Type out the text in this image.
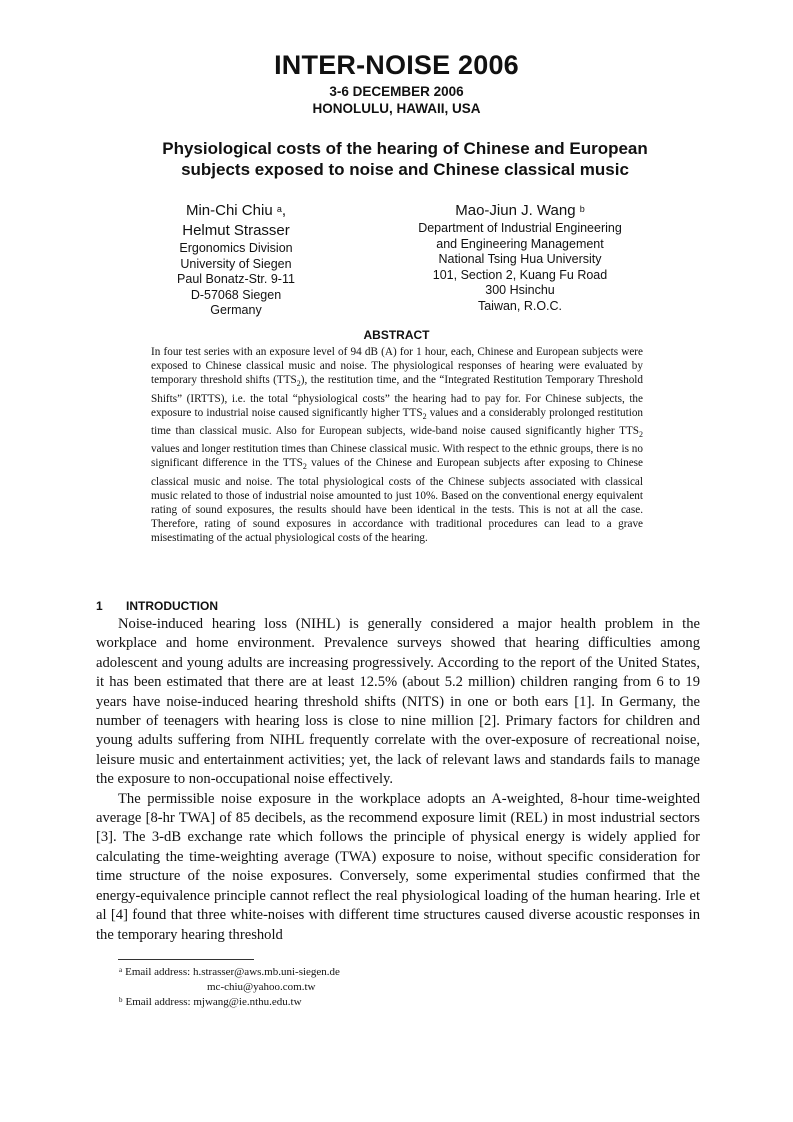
INTER-NOISE 2006
3-6 DECEMBER 2006
HONOLULU, HAWAII, USA
Physiological costs of the hearing of Chinese and European
subjects exposed to noise and Chinese classical music
Min-Chi Chiu $^a$,
Helmut Strasser
Ergonomics Division
University of Siegen
Paul Bonatz-Str. 9-11
D-57068 Siegen
Germany
Mao-Jiun J. Wang $^b$
Department of Industrial Engineering
and Engineering Management
National Tsing Hua University
101, Section 2, Kuang Fu Road
300 Hsinchu
Taiwan, R.O.C.
ABSTRACT
In four test series with an exposure level of 94 dB (A) for 1 hour, each, Chinese and European subjects were exposed to Chinese classical music and noise. The physiological responses of hearing were evaluated by temporary threshold shifts $(TTS_2)$, the restitution time, and the “Integrated Restitution Temporary Threshold Shifts” (IRTTS), i.e. the total “physiological costs” the hearing had to pay for. For Chinese subjects, the exposure to industrial noise caused significantly higher $TTS_2$ values and a considerably prolonged restitution time than classical music. Also for European subjects, wide-band noise caused significantly higher $TTS_2$ values and longer restitution times than Chinese classical music. With respect to the ethnic groups, there is no significant difference in the $TTS_2$ values of the Chinese and European subjects after exposing to Chinese classical music and noise. The total physiological costs of the Chinese subjects associated with classical music related to those of industrial noise amounted to just 10%. Based on the conventional energy equivalent rating of sound exposures, the results should have been identical in the tests. This is not at all the case. Therefore, rating of sound exposures in accordance with traditional procedures can lead to a grave misestimating of the actual physiological costs of the hearing.
1 INTRODUCTION

Noise-induced hearing loss (NIHL) is generally considered a major health problem in the workplace and home environment. Prevalence surveys showed that hearing difficulties among adolescent and young adults are increasing progressively. According to the report of the United States, it has been estimated that there are at least 12.5% (about 5.2 million) children ranging from 6 to 19 years have noise-induced hearing threshold shifts (NITS) in one or both ears [1]. In Germany, the number of teenagers with hearing loss is close to nine million [2]. Primary factors for children and young adults suffering from NIHL frequently correlate with the over-exposure of recreational noise, leisure music and entertainment activities; yet, the lack of relevant laws and standards fails to manage the exposure to non-occupational noise effectively.

The permissible noise exposure in the workplace adopts an A-weighted, 8-hour time-weighted average [8-hr TWA] of 85 decibels, as the recommend exposure limit (REL) in most industrial sectors [3]. The 3-dB exchange rate which follows the principle of physical energy is widely applied for calculating the time-weighting average (TWA) exposure to noise, without specific consideration for time structure of the noise exposures. Conversely, some experimental studies confirmed that the energy-equivalence principle cannot reflect the real physiological loading of the human hearing. Irle et al [4] found that three white-noises with different time structures caused diverse acoustic responses in the temporary hearing threshold

$^a$ Email address: h.strasser@aws.mb.uni-siegen.de
mc-chiu@yahoo.com.tw
$^b$ Email address: mjwang@ie.nthu.edu.tw
